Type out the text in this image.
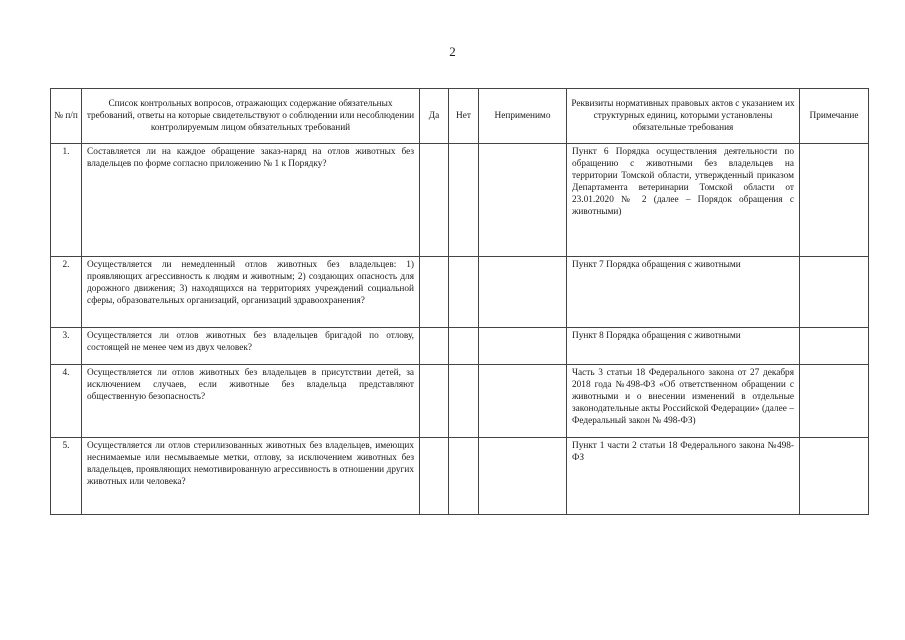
2
№ п/п	Список контрольных вопросов, отражающих содержание обязательных требований, ответы на которые свидетельствуют о соблюдении или несоблюдении контролируемым лицом обязательных требований	Да	Нет	Неприменимо	Реквизиты нормативных правовых актов с указанием их структурных единиц, которыми установлены обязательные требования	Примечание
1.	Составляется ли на каждое обращение заказ-наряд на отлов животных без владельцев по форме согласно приложению № 1 к Порядку?				Пункт 6 Порядка осуществления деятельности по обращению с животными без владельцев на территории Томской области, утвержденный приказом Департамента ветеринарии Томской области от 23.01.2020 № 2 (далее – Порядок обращения с животными)	
2.	Осуществляется ли немедленный отлов животных без владельцев: 1) проявляющих агрессивность к людям и животным; 2) создающих опасность для дорожного движения; 3) находящихся на территориях учреждений социальной сферы, образовательных организаций, организаций здравоохранения?				Пункт 7 Порядка обращения с животными	
3.	Осуществляется ли отлов животных без владельцев бригадой по отлову, состоящей не менее чем из двух человек?				Пункт 8 Порядка обращения с животными	
4.	Осуществляется ли отлов животных без владельцев в присутствии детей, за исключением случаев, если животные без владельца представляют общественную безопасность?				Часть 3 статьи 18 Федерального закона от 27 декабря 2018 года №498-ФЗ «Об ответственном обращении с животными и о внесении изменений в отдельные законодательные акты Российской Федерации» (далее – Федеральный закон № 498-ФЗ)	
5.	Осуществляется ли отлов стерилизованных животных без владельцев, имеющих неснимаемые или несмываемые метки, отлову, за исключением животных без владельцев, проявляющих немотивированную агрессивность в отношении других животных или человека?				Пункт 1 части 2 статьи 18 Федерального закона №498-ФЗ	
